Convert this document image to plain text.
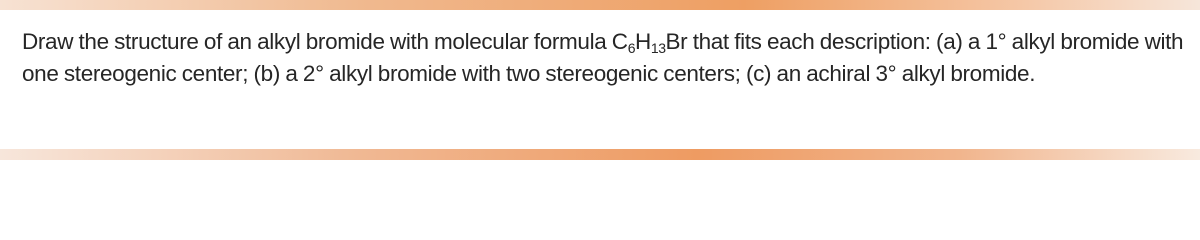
Draw the structure of an alkyl bromide with molecular formula $C_6H_{13}Br$ that fits each description: (a) a 1° alkyl bromide with one stereogenic center; (b) a 2° alkyl bromide with two stereogenic centers; (c) an achiral 3° alkyl bromide.
